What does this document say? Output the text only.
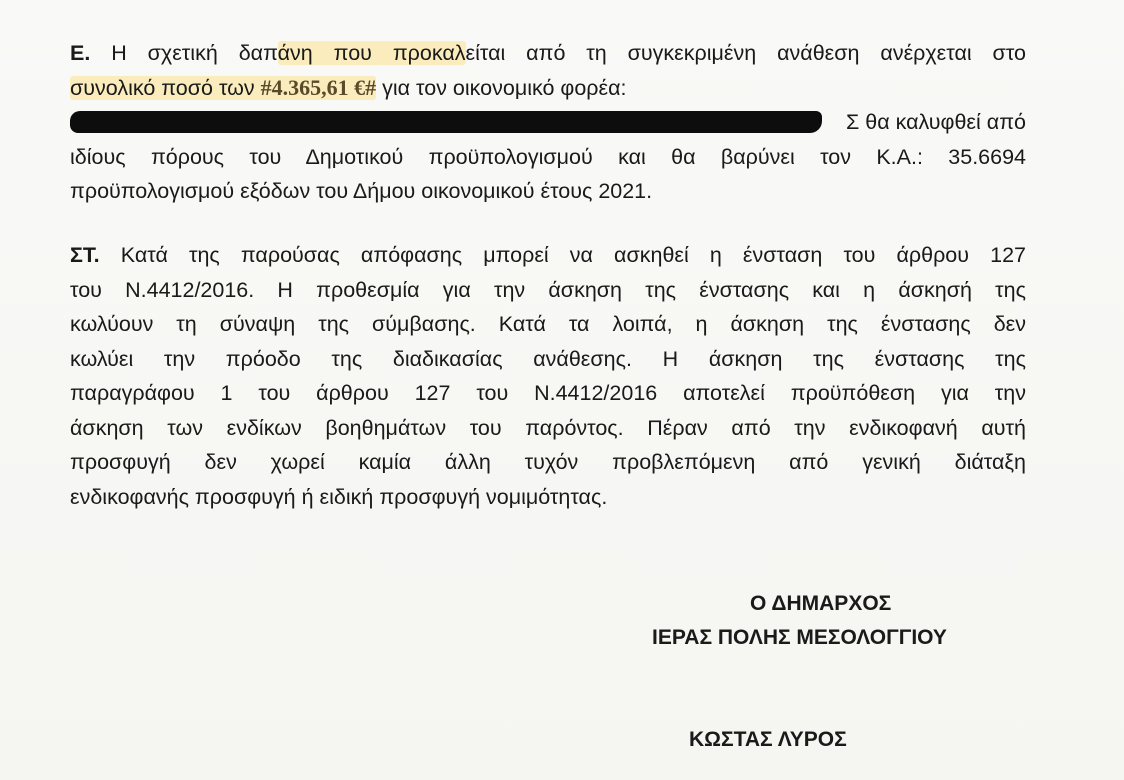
Ε. Η σχετική δαπάνη που προκαλείται από τη συγκεκριμένη ανάθεση ανέρχεται στο
συνολικό ποσό των #4.365,61 €# για τον οικονομικό φορέα:
Σ θα καλυφθεί από
ιδίους πόρους του Δημοτικού προϋπολογισμού και θα βαρύνει τον Κ.Α.: 35.6694
προϋπολογισμού εξόδων του Δήμου οικονομικού έτους 2021.
ΣΤ. Κατά της παρούσας απόφασης μπορεί να ασκηθεί η ένσταση του άρθρου 127
του Ν.4412/2016. Η προθεσμία για την άσκηση της ένστασης και η άσκησή της
κωλύουν τη σύναψη της σύμβασης. Κατά τα λοιπά, η άσκηση της ένστασης δεν
κωλύει την πρόοδο της διαδικασίας ανάθεσης. Η άσκηση της ένστασης της
παραγράφου 1 του άρθρου 127 του Ν.4412/2016 αποτελεί προϋπόθεση για την
άσκηση των ενδίκων βοηθημάτων του παρόντος. Πέραν από την ενδικοφανή αυτή
προσφυγή δεν χωρεί καμία άλλη τυχόν προβλεπόμενη από γενική διάταξη
ενδικοφανής προσφυγή ή ειδική προσφυγή νομιμότητας.
Ο ΔΗΜΑΡΧΟΣ
ΙΕΡΑΣ ΠΟΛΗΣ ΜΕΣΟΛΟΓΓΙΟΥ
ΚΩΣΤΑΣ ΛΥΡΟΣ
